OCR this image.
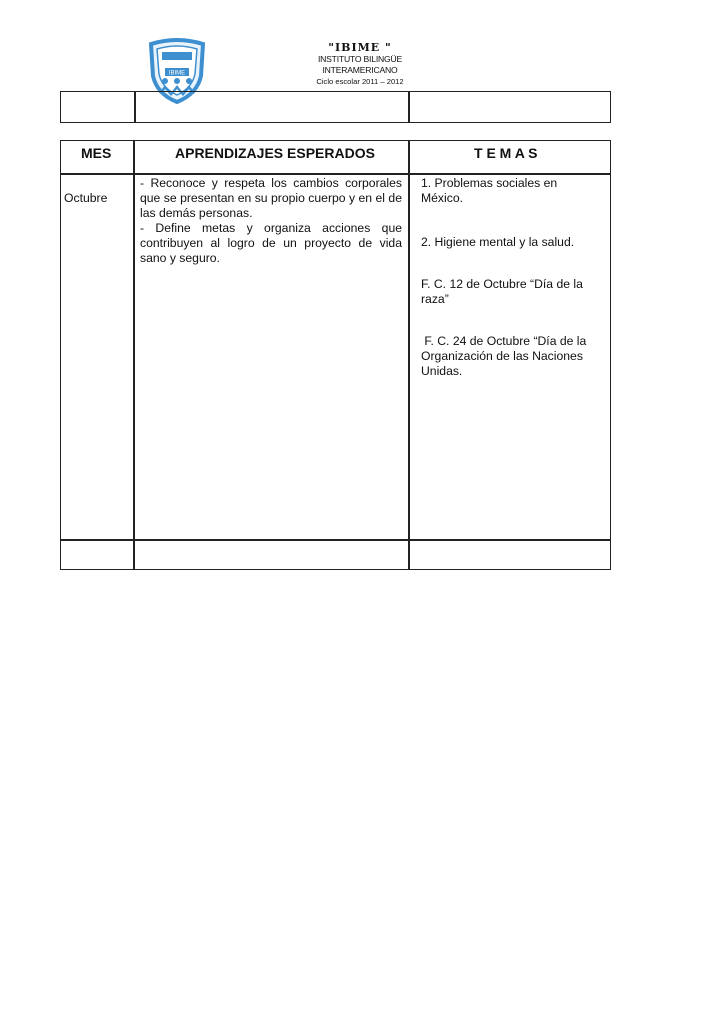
IBIME
"IBIME "
INSTITUTO BILINGÜE INTERAMERICANO
Ciclo escolar 2011 – 2012
MES	APRENDIZAJES ESPERADOS	T E M A S
Octubre
- Reconoce y respeta los cambios corporales que se presentan en su propio cuerpo y en el de las demás personas.
- Define metas y organiza acciones que contribuyen al logro de un proyecto de vida sano y seguro.

1. Problemas sociales en México.

2. Higiene mental y la salud.

F. C. 12 de Octubre “Día de la raza”

F. C. 24 de Octubre “Día de la Organización de las Naciones Unidas.
